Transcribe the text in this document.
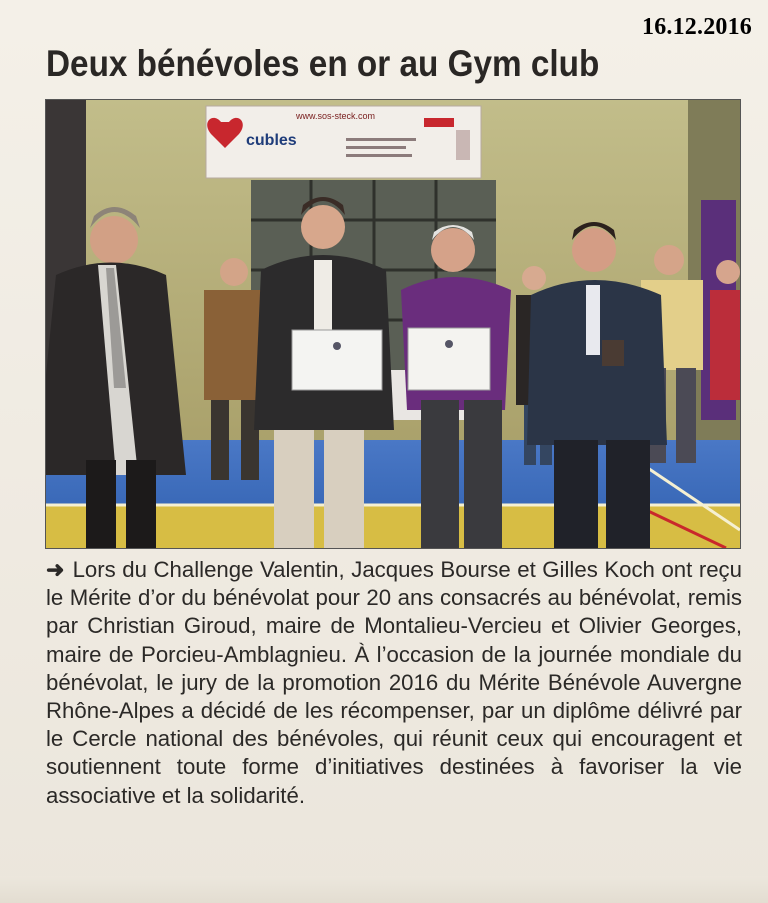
16.12.2016
Deux bénévoles en or au Gym club
cubles
www.sos-steck.com
➜ Lors du Challenge Valentin, Jacques Bourse et Gilles Koch ont reçu le Mérite d’or du bénévolat pour 20 ans consacrés au bénévolat, remis par Christian Giroud, maire de Montalieu-Vercieu et Olivier Georges, maire de Porcieu-Amblagnieu. À l’occasion de la journée mondiale du bénévolat, le jury de la promotion 2016 du Mérite Bénévole Auvergne Rhône-Alpes a décidé de les récompenser, par un diplôme délivré par le Cercle national des bénévoles, qui réunit ceux qui encouragent et soutiennent toute forme d’initiatives destinées à favoriser la vie associative et la solidarité.
